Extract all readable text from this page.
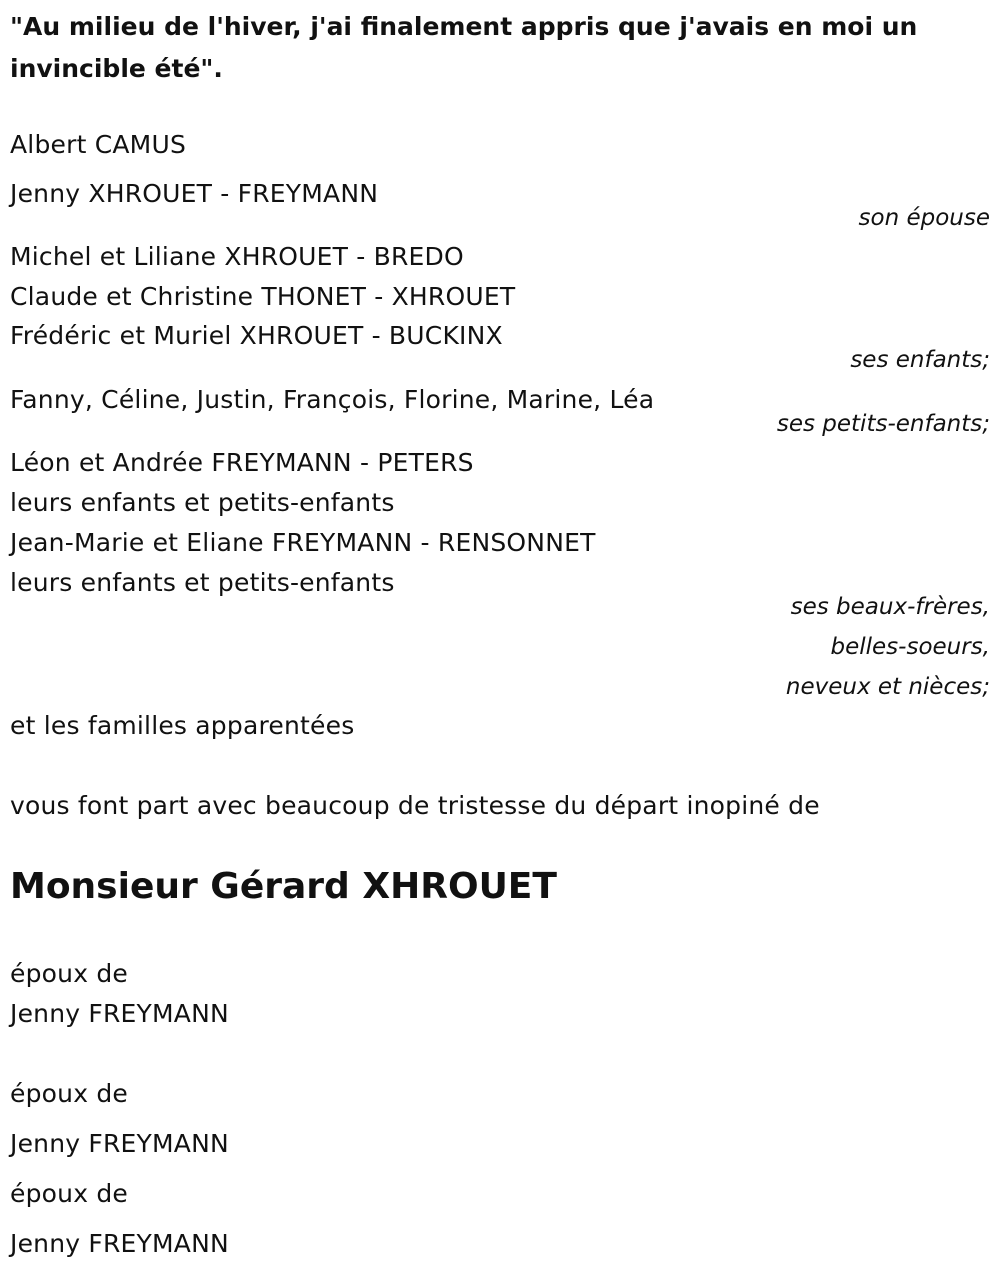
"Au milieu de l'hiver, j'ai finalement appris que j'avais en moi un invincible été".
Albert CAMUS
Jenny XHROUET - FREYMANN
son épouse
Michel et Liliane XHROUET - BREDO
Claude et Christine THONET - XHROUET
Frédéric et Muriel XHROUET - BUCKINX
ses enfants;
Fanny, Céline, Justin, François, Florine, Marine, Léa
ses petits-enfants;
Léon et Andrée FREYMANN - PETERS
leurs enfants et petits-enfants
Jean-Marie et Eliane FREYMANN - RENSONNET
leurs enfants et petits-enfants
ses beaux-frères,
belles-soeurs,
neveux et nièces;
et les familles apparentées
vous font part avec beaucoup de tristesse du départ inopiné de
Monsieur Gérard XHROUET
époux de
Jenny FREYMANN
époux de
Jenny FREYMANN
époux de
Jenny FREYMANN
